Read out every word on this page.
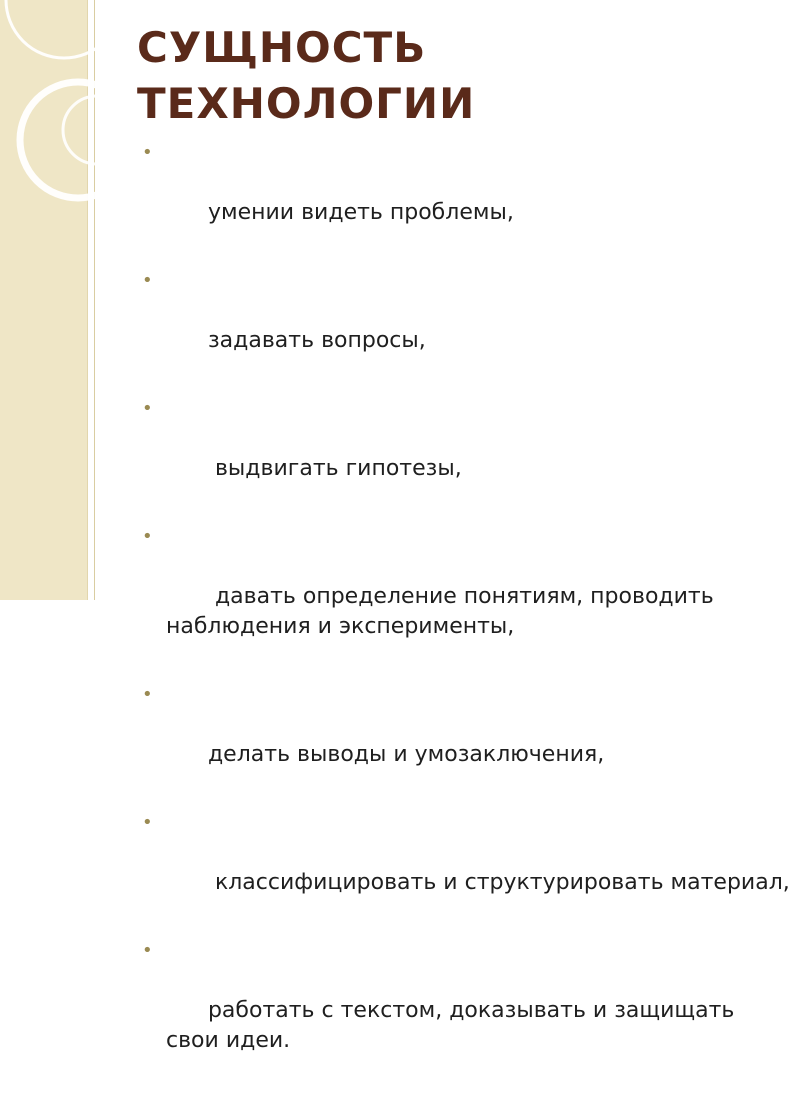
СУЩНОСТЬ
ТЕХНОЛОГИИ

•

умении видеть проблемы,

•

задавать вопросы,

•

выдвигать гипотезы,

•

давать определение понятиям, проводить наблюдения и эксперименты,

•

делать выводы и умозаключения,

•

классифицировать и структурировать материал,

•

работать с текстом, доказывать и защищать свои идеи.
